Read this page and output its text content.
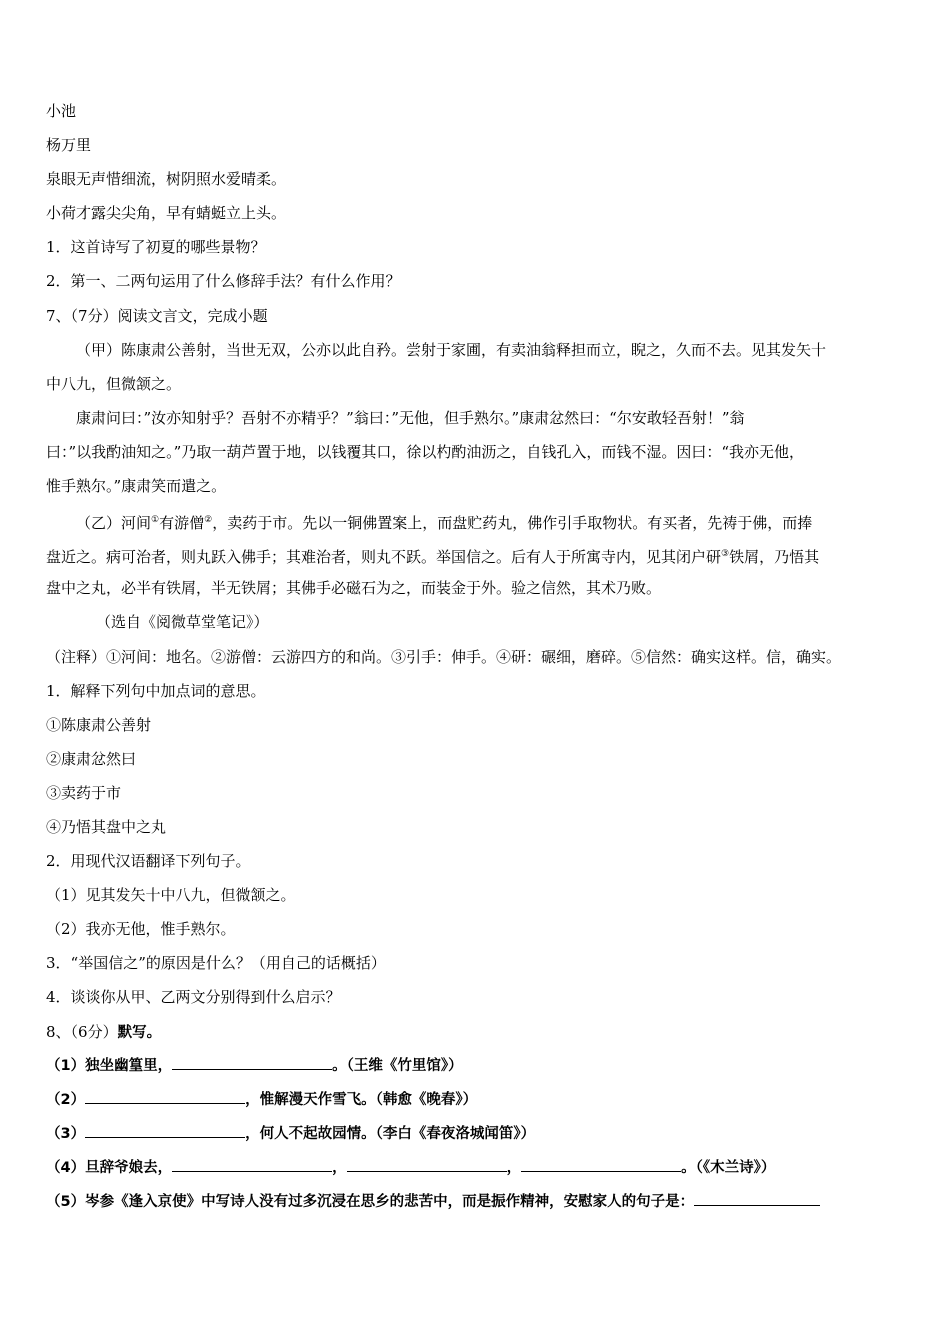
小池
杨万里
泉眼无声惜细流，树阴照水爱晴柔。
小荷才露尖尖角，早有蜻蜓立上头。
1．这首诗写了初夏的哪些景物？
2．第一、二两句运用了什么修辞手法？有什么作用？
7、（7分）阅读文言文，完成小题
（甲）陈康肃公善射，当世无双，公亦以此自矜。尝射于家圃，有卖油翁释担而立，睨之，久而不去。见其发矢十
中八九，但微颔之。
康肃问曰：”汝亦知射乎？吾射不亦精乎？”翁曰：”无他，但手熟尔。”康肃忿然曰：“尔安敢轻吾射！”翁
曰：”以我酌油知之。”乃取一葫芦置于地，以钱覆其口，徐以杓酌油沥之，自钱孔入，而钱不湿。因曰：“我亦无他，
惟手熟尔。”康肃笑而遣之。
（乙）河间①有游僧②，卖药于市。先以一铜佛置案上，而盘贮药丸，佛作引手取物状。有买者，先祷于佛，而捧
盘近之。病可治者，则丸跃入佛手；其难治者，则丸不跃。举国信之。后有人于所寓寺内，见其闭户研③铁屑，乃悟其
盘中之丸，必半有铁屑，半无铁屑；其佛手必磁石为之，而装金于外。验之信然，其术乃败。
（选自《阅微草堂笔记》）
（注释）①河间：地名。②游僧：云游四方的和尚。③引手：伸手。④研：碾细，磨碎。⑤信然：确实这样。信，确实。
1．解释下列句中加点词的意思。
①陈康肃公善射
②康肃忿然曰
③卖药于市
④乃悟其盘中之丸
2．用现代汉语翻译下列句子。
（1）见其发矢十中八九，但微颔之。
（2）我亦无他，惟手熟尔。
3．“举国信之”的原因是什么？（用自己的话概括）
4．谈谈你从甲、乙两文分别得到什么启示？
8、（6分）默写。
（1）独坐幽篁里，	。（王维《竹里馆》）
（2）	，惟解漫天作雪飞。（韩愈《晚春》）
（3）	，何人不起故园情。（李白《春夜洛城闻笛》）
（4）旦辞爷娘去，	，	，	。（《木兰诗》）
（5）岑参《逢入京使》中写诗人没有过多沉浸在思乡的悲苦中，而是振作精神，安慰家人的句子是：
